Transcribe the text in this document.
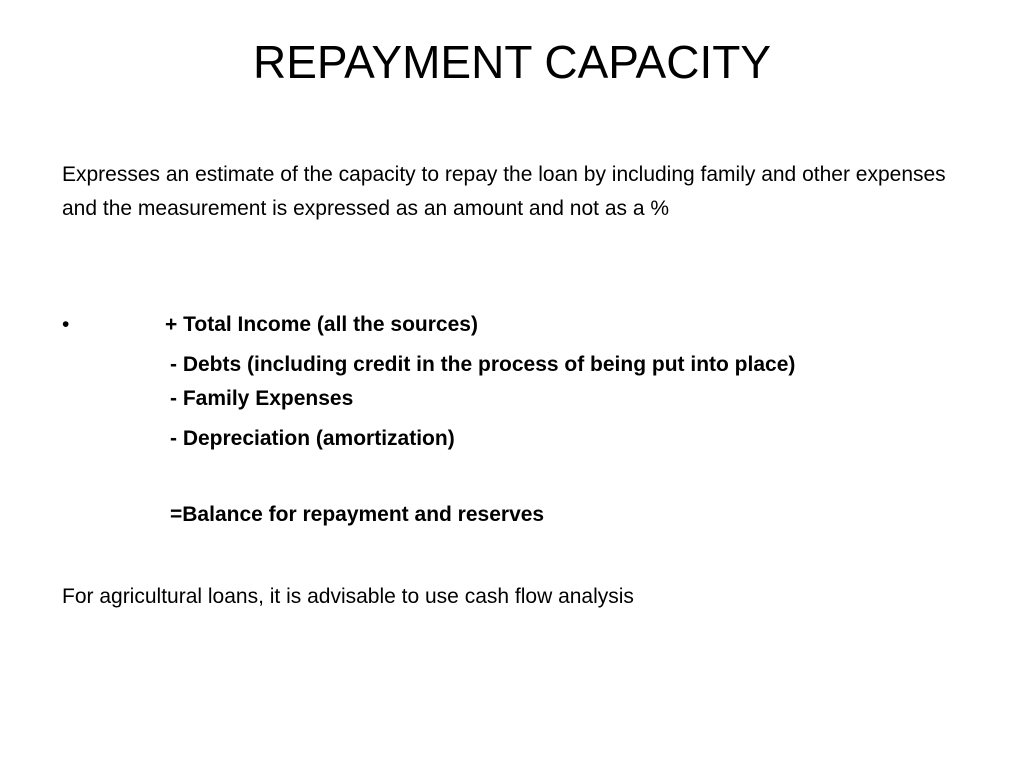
REPAYMENT CAPACITY

Expresses an estimate of the capacity to repay the loan by including family and other expenses and the measurement is expressed as an amount and not as a %

•	+ Total Income (all the sources)

- Debts (including credit in the process of being put into place)

- Family Expenses

- Depreciation (amortization)

=Balance for repayment and reserves

For agricultural loans, it is advisable to use cash flow analysis
